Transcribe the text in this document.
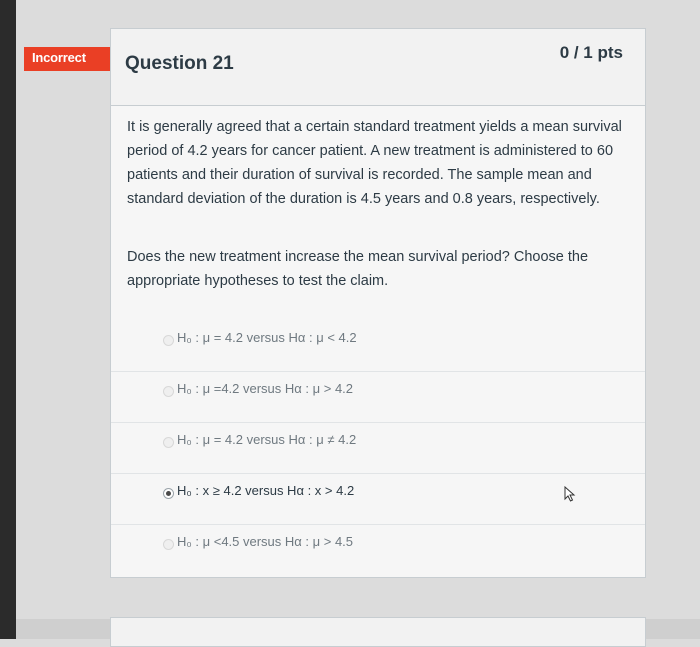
Incorrect Question 21
0 / 1 pts

It is generally agreed that a certain standard treatment yields a mean survival period of 4.2 years for cancer patient. A new treatment is administered to 60 patients and their duration of survival is recorded. The sample mean and standard deviation of the duration is 4.5 years and 0.8 years, respectively.

Does the new treatment increase the mean survival period? Choose the appropriate hypotheses to test the claim.

H₀ : μ = 4.2 versus Hα : μ < 4.2
H₀ : μ =4.2 versus Hα : μ > 4.2
H₀ : μ = 4.2 versus Hα : μ ≠ 4.2
H₀ : x ≥ 4.2 versus Hα : x > 4.2
H₀ : μ <4.5 versus Hα : μ > 4.5
